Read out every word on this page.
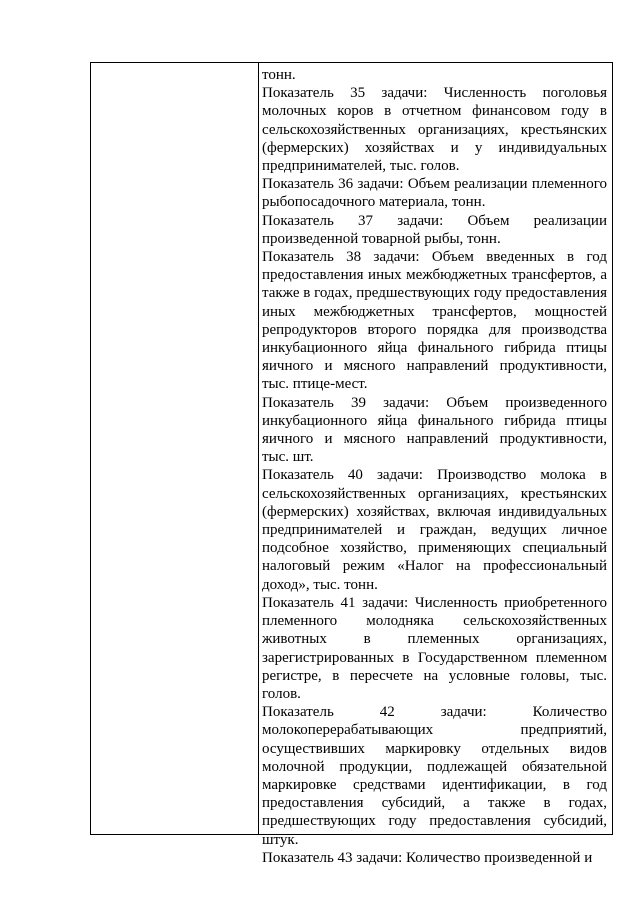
тонн.

Показатель 35 задачи: Численность поголовья молочных коров в отчетном финансовом году в сельскохозяйственных организациях, крестьянских (фермерских) хозяйствах и у индивидуальных предпринимателей, тыс. голов.

Показатель 36 задачи: Объем реализации племенного рыбопосадочного материала, тонн.

Показатель 37 задачи: Объем реализации произведенной товарной рыбы, тонн.

Показатель 38 задачи: Объем введенных в год предоставления иных межбюджетных трансфертов, а также в годах, предшествующих году предоставления иных межбюджетных трансфертов, мощностей репродукторов второго порядка для производства инкубационного яйца финального гибрида птицы яичного и мясного направлений продуктивности, тыс. птице-мест.

Показатель 39 задачи: Объем произведенного инкубационного яйца финального гибрида птицы яичного и мясного направлений продуктивности, тыс. шт.

Показатель 40 задачи: Производство молока в сельскохозяйственных организациях, крестьянских (фермерских) хозяйствах, включая индивидуальных предпринимателей и граждан, ведущих личное подсобное хозяйство, применяющих специальный налоговый режим «Налог на профессиональный доход», тыс. тонн.

Показатель 41 задачи: Численность приобретенного племенного молодняка сельскохозяйственных животных в племенных организациях, зарегистрированных в Государственном племенном регистре, в пересчете на условные головы, тыс. голов.

Показатель 42 задачи: Количество молокоперерабатывающих предприятий, осуществивших маркировку отдельных видов молочной продукции, подлежащей обязательной маркировке средствами идентификации, в год предоставления субсидий, а также в годах, предшествующих году предоставления субсидий, штук.

Показатель 43 задачи: Количество произведенной и
